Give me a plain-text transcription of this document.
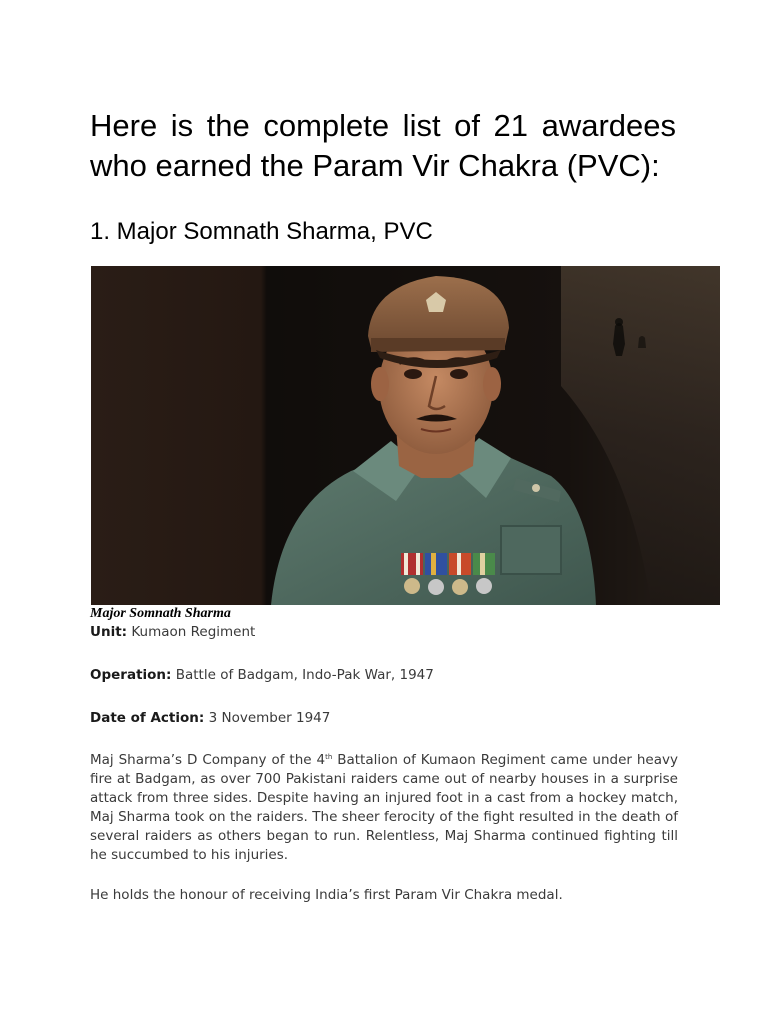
Here is the complete list of 21 awardees who earned the Param Vir Chakra (PVC):
1. Major Somnath Sharma, PVC
Major Somnath Sharma
Unit: Kumaon Regiment
Operation: Battle of Badgam, Indo-Pak War, 1947
Date of Action: 3 November 1947

Maj Sharma’s D Company of the 4th Battalion of Kumaon Regiment came under heavy fire at Badgam, as over 700 Pakistani raiders came out of nearby houses in a surprise attack from three sides. Despite having an injured foot in a cast from a hockey match, Maj Sharma took on the raiders. The sheer ferocity of the fight resulted in the death of several raiders as others began to run. Relentless, Maj Sharma continued fighting till he succumbed to his injuries.

He holds the honour of receiving India’s first Param Vir Chakra medal.
